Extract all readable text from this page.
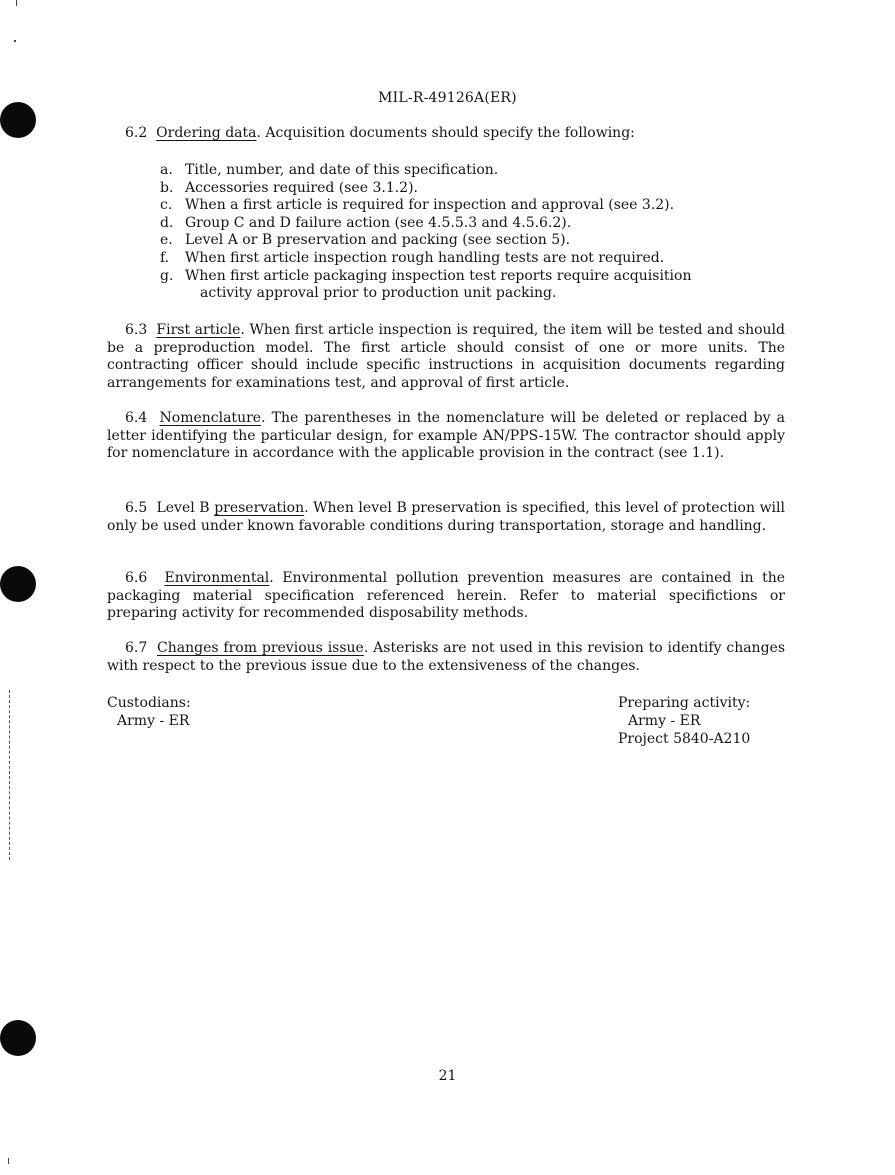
MIL-R-49126A(ER)
6.2 Ordering data. Acquisition documents should specify the following:
a. Title, number, and date of this specification.
b. Accessories required (see 3.1.2).
c. When a first article is required for inspection and approval (see 3.2).
d. Group C and D failure action (see 4.5.5.3 and 4.5.6.2).
e. Level A or B preservation and packing (see section 5).
f.	When first article inspection rough handling tests are not required.
g. When first article packaging inspection test reports require acquisition
activity approval prior to production unit packing.
6.3 First article. When first article inspection is required, the item will be tested and should be a preproduction model. The first article should consist of one or more units. The contracting officer should include specific instructions in acquisition documents regarding arrangements for examinations test, and approval of first article.
6.4 Nomenclature. The parentheses in the nomenclature will be deleted or replaced by a letter identifying the particular design, for example AN/PPS-15W. The contractor should apply for nomenclature in accordance with the applicable provision in the contract (see 1.1).
6.5 Level B preservation. When level B preservation is specified, this level of protection will only be used under known favorable conditions during transportation, storage and handling.
6.6 Environmental. Environmental pollution prevention measures are contained in the packaging material specification referenced herein. Refer to material specifictions or preparing activity for recommended disposability methods.
6.7 Changes from previous issue. Asterisks are not used in this revision to identify changes with respect to the previous issue due to the extensiveness of the changes.
Custodians:
Army - ER
Preparing activity:
Army - ER
Project 5840-A210
21
